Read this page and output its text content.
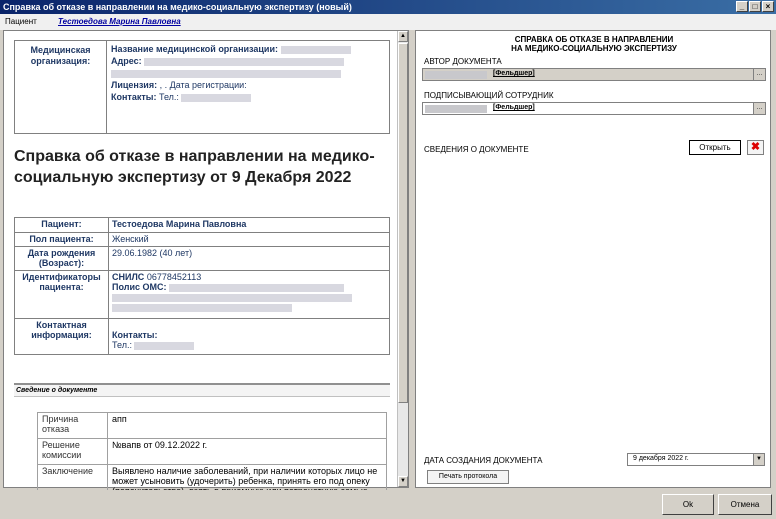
Справка об отказе в направлении на медико-социальную экспертизу (новый)	_	□	×
Пациент	Тестоедова Марина Павловна
Медицинская организация:
Название медицинской организации:
Адрес:
Лицензия: , . Дата регистрации:
Контакты: Тел.:
Справка об отказе в направлении на медико-социальную экспертизу от 9 Декабря 2022
Пациент:	Тестоедова Марина Павловна
Пол пациента:	Женский
Дата рождения (Возраст):	29.06.1982 (40 лет)
Идентификаторы пациента:	СНИЛС 06778452113
Полис ОМС:

Контактная информация:	Контакты:
Тел.:
Сведение о документе
Причина отказа	апп
Решение комиссии	№вапв от 09.12.2022 г.
Заключение	Выявлено наличие заболеваний, при наличии которых лицо не может усыновить (удочерить) ребенка, принять его под опеку
▲
▼
СПРАВКА ОБ ОТКАЗЕ В НАПРАВЛЕНИИ
НА МЕДИКО-СОЦИАЛЬНУЮ ЭКСПЕРТИЗУ
АВТОР ДОКУМЕНТА
[Фельдшер]	…
ПОДПИСЫВАЮЩИЙ СОТРУДНИК
[Фельдшер]	…
СВЕДЕНИЯ О ДОКУМЕНТЕ	Открыть	✖
ДАТА СОЗДАНИЯ ДОКУМЕНТА	9 декабря 2022 г.	▼
Печать протокола
Ok	Отмена
